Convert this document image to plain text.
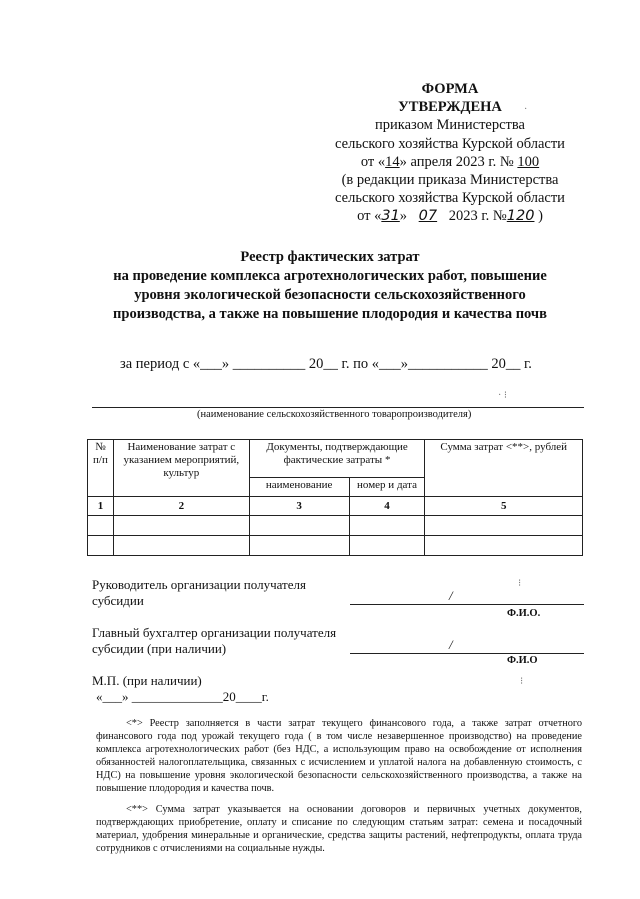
ФОРМА
УТВЕРЖДЕНА
приказом Министерства
сельского хозяйства Курской области
от «14» апреля 2023 г. № 100
(в редакции приказа Министерства
сельского хозяйства Курской области
от «31» 07 2023 г. №120 )
Реестр фактических затрат
на проведение комплекса агротехнологических работ, повышение
уровня экологической безопасности сельскохозяйственного
производства, а также на повышение плодородия и качества почв
за период с «___» __________ 20__ г. по «___»___________ 20__ г.
(наименование сельскохозяйственного товаропроизводителя)
№ п/п	Наименование затрат с указанием мероприятий, культур	Документы, подтверждающие фактические затраты *		Сумма затрат <**>, рублей
		наименование	номер и дата	
1	2	3	4	5

Руководитель организации получателя
субсидии	/
Ф.И.О.
Главный бухгалтер организации получателя
субсидии (при наличии)	/
Ф.И.О
М.П. (при наличии)
«___» ______________20____г.
<*> Реестр заполняется в части затрат текущего финансового года, а также затрат отчетного финансового года под урожай текущего года ( в том числе незавершенное производство) на проведение комплекса агротехнологических работ (без НДС, а использующим право на освобождение от исполнения обязанностей налогоплательщика, связанных с исчислением и уплатой налога на добавленную стоимость, с НДС) на повышение уровня экологической безопасности сельскохозяйственного производства, а также на повышение плодородия и качества почв.
<**> Сумма затрат указывается на основании договоров и первичных учетных документов, подтверждающих приобретение, оплату и списание по следующим статьям затрат: семена и посадочный материал, удобрения минеральные и органические, средства защиты растений, нефтепродукты, оплата труда сотрудников с отчислениями на социальные нужды.
·
· ⁝
⁝
⁝
